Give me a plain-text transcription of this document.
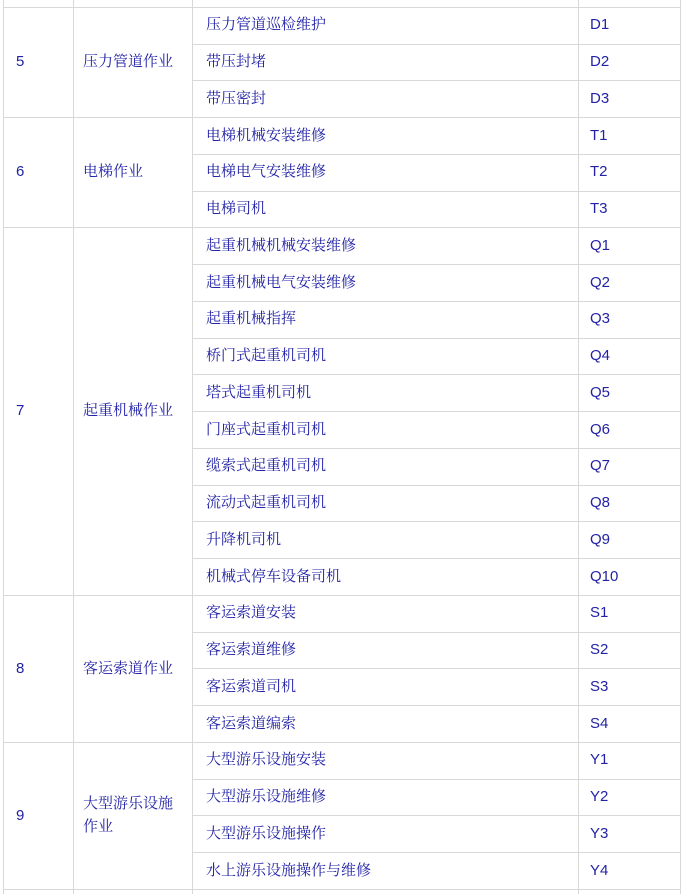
5	压力管道作业	压力管道巡检维护	D1
		带压封堵	D2
		带压密封	D3
6	电梯作业	电梯机械安装维修	T1
		电梯电气安装维修	T2
		电梯司机	T3
7	起重机械作业	起重机械机械安装维修	Q1
		起重机械电气安装维修	Q2
		起重机械指挥	Q3
		桥门式起重机司机	Q4
		塔式起重机司机	Q5
		门座式起重机司机	Q6
		缆索式起重机司机	Q7
		流动式起重机司机	Q8
		升降机司机	Q9
		机械式停车设备司机	Q10
8	客运索道作业	客运索道安装	S1
		客运索道维修	S2
		客运索道司机	S3
		客运索道编索	S4
9	大型游乐设施作业	大型游乐设施安装	Y1
		大型游乐设施维修	Y2
		大型游乐设施操作	Y3
		水上游乐设施操作与维修	Y4
